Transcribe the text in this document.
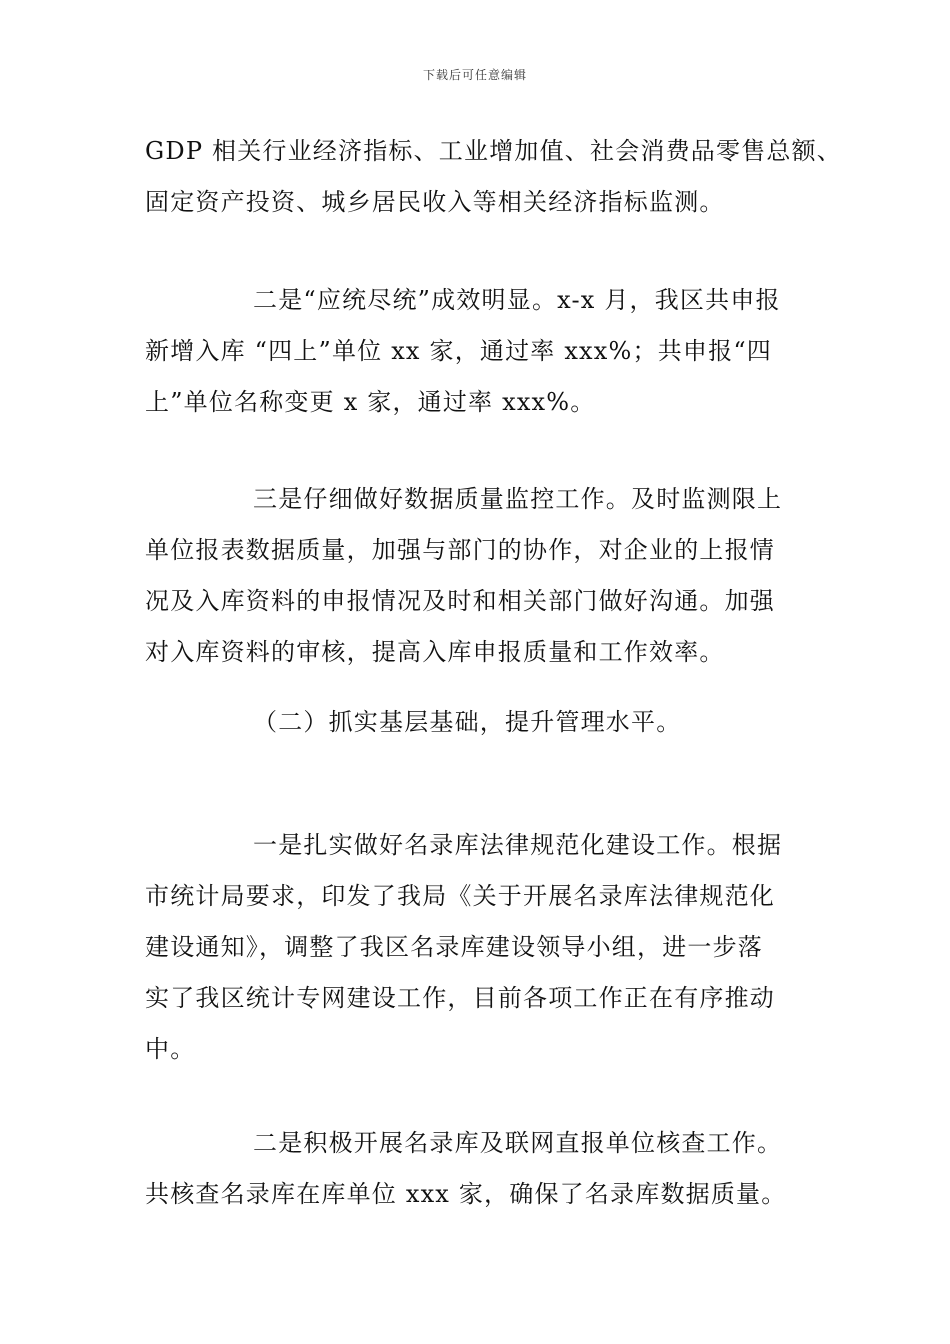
下载后可任意编辑
GDP 相关行业经济指标、工业增加值、社会消费品零售总额、
固定资产投资、城乡居民收入等相关经济指标监测。
二是“应统尽统”成效明显。x-x 月，我区共申报
新增入库 “四上”单位 xx 家，通过率 xxx%；共申报“四
上”单位名称变更 x 家，通过率 xxx%。
三是仔细做好数据质量监控工作。及时监测限上
单位报表数据质量，加强与部门的协作，对企业的上报情
况及入库资料的申报情况及时和相关部门做好沟通。加强
对入库资料的审核，提高入库申报质量和工作效率。
（二）抓实基层基础，提升管理水平。
一是扎实做好名录库法律规范化建设工作。根据
市统计局要求，印发了我局《关于开展名录库法律规范化
建设通知》，调整了我区名录库建设领导小组，进一步落
实了我区统计专网建设工作，目前各项工作正在有序推动
中。
二是积极开展名录库及联网直报单位核查工作。
共核查名录库在库单位 xxx 家，确保了名录库数据质量。
